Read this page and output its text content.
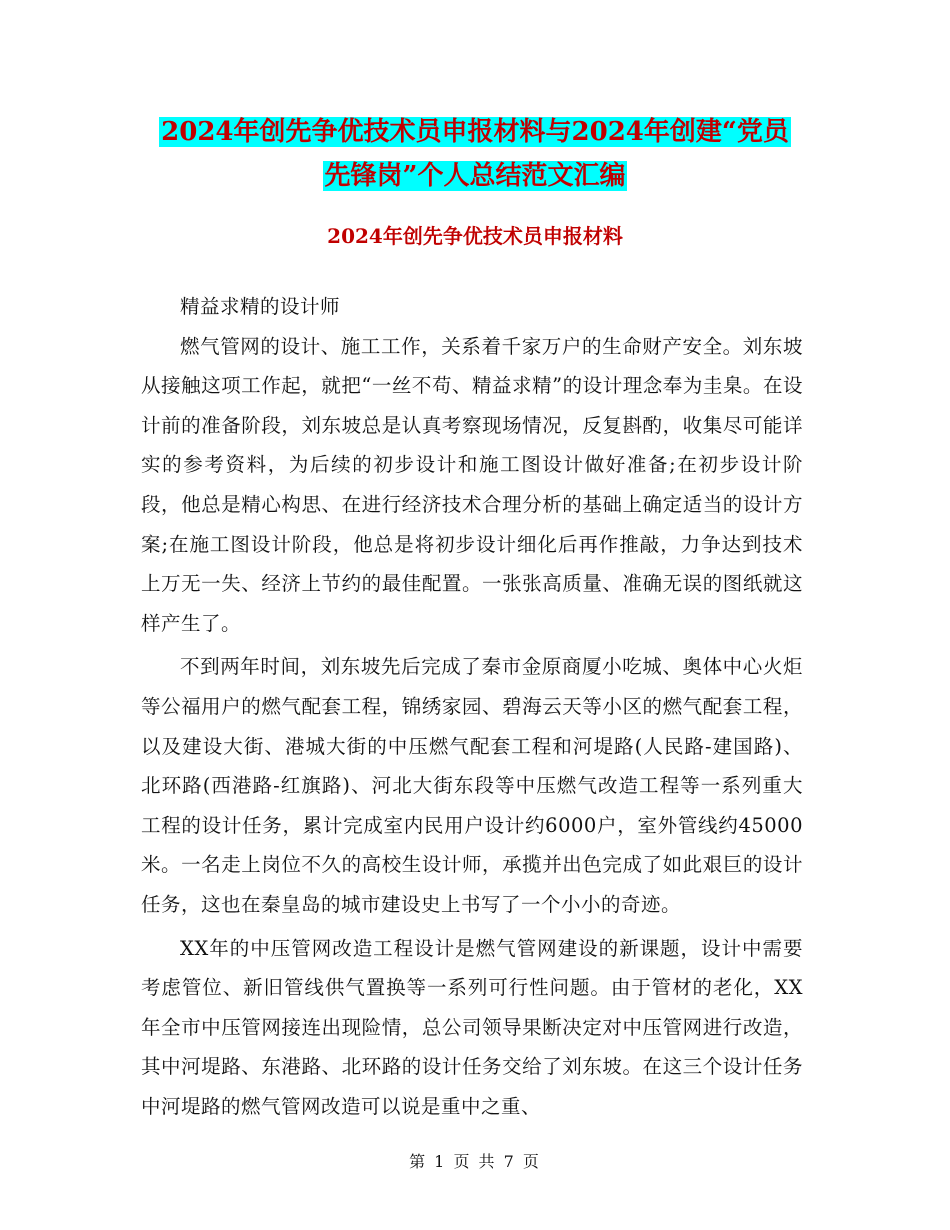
2024年创先争优技术员申报材料与2024年创建“党员
先锋岗”个人总结范文汇编
2024年创先争优技术员申报材料

精益求精的设计师

燃气管网的设计、施工工作，关系着千家万户的生命财产安全。刘东坡从接触这项工作起，就把“一丝不苟、精益求精”的设计理念奉为圭臬。在设计前的准备阶段，刘东坡总是认真考察现场情况，反复斟酌，收集尽可能详实的参考资料，为后续的初步设计和施工图设计做好准备;在初步设计阶段，他总是精心构思、在进行经济技术合理分析的基础上确定适当的设计方案;在施工图设计阶段，他总是将初步设计细化后再作推敲，力争达到技术上万无一失、经济上节约的最佳配置。一张张高质量、准确无误的图纸就这样产生了。

不到两年时间，刘东坡先后完成了秦市金原商厦小吃城、奥体中心火炬等公福用户的燃气配套工程，锦绣家园、碧海云天等小区的燃气配套工程，以及建设大街、港城大街的中压燃气配套工程和河堤路(人民路-建国路)、北环路(西港路-红旗路)、河北大街东段等中压燃气改造工程等一系列重大工程的设计任务，累计完成室内民用户设计约6000户，室外管线约45000米。一名走上岗位不久的高校生设计师，承揽并出色完成了如此艰巨的设计任务，这也在秦皇岛的城市建设史上书写了一个小小的奇迹。

XX年的中压管网改造工程设计是燃气管网建设的新课题，设计中需要考虑管位、新旧管线供气置换等一系列可行性问题。由于管材的老化，XX年全市中压管网接连出现险情，总公司领导果断决定对中压管网进行改造，其中河堤路、东港路、北环路的设计任务交给了刘东坡。在这三个设计任务中河堤路的燃气管网改造可以说是重中之重、

第 1 页 共 7 页
